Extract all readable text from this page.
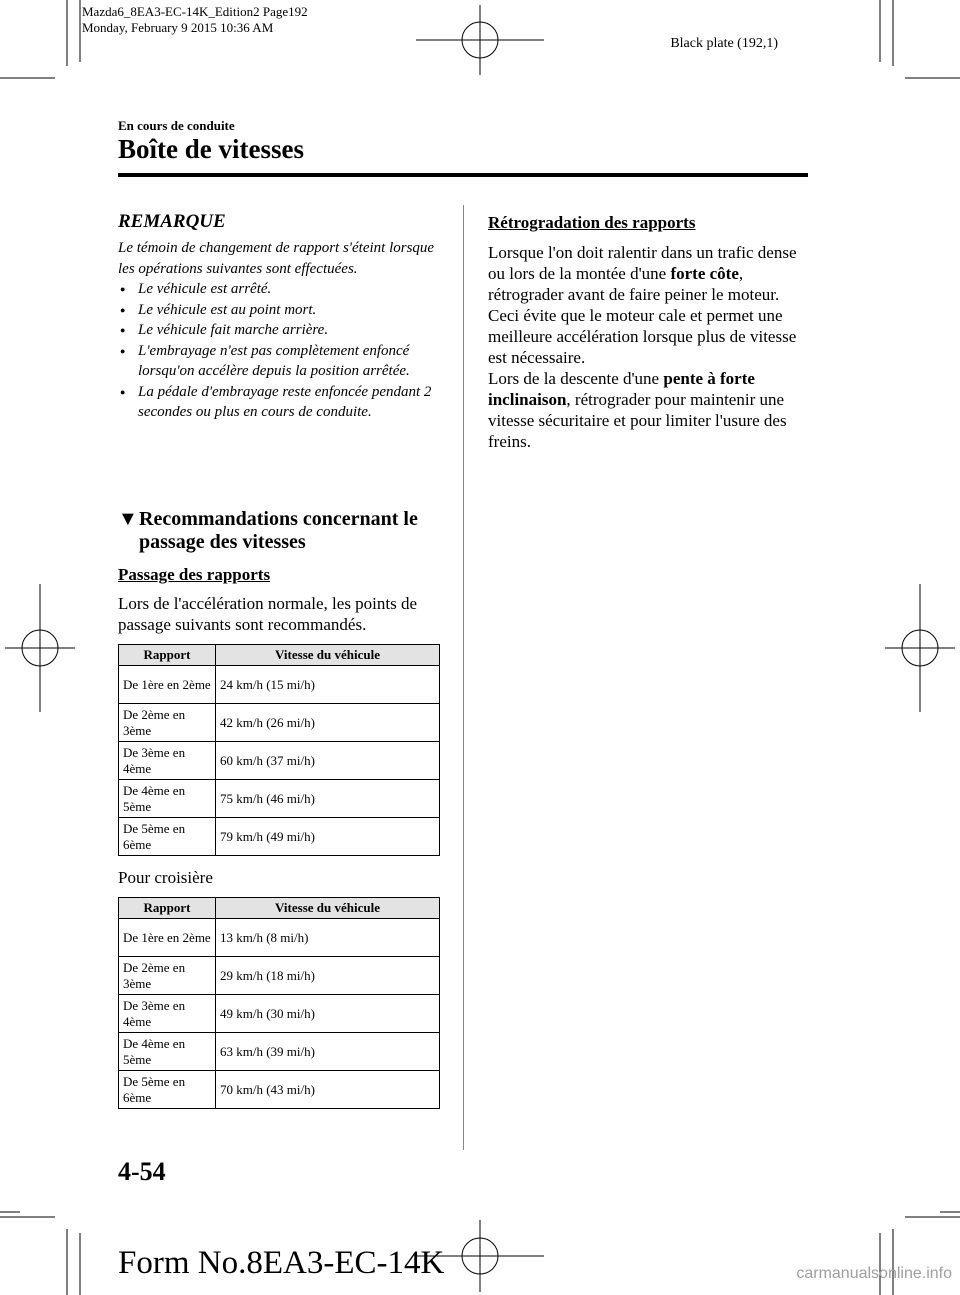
Mazda6_8EA3-EC-14K_Edition2 Page192
Monday, February 9 2015 10:36 AM
Black plate (192,1)
En cours de conduite
Boîte de vitesses
REMARQUE
Le témoin de changement de rapport s'éteint lorsque les opérations suivantes sont effectuées.
● Le véhicule est arrêté.
● Le véhicule est au point mort.
● Le véhicule fait marche arrière.
● L'embrayage n'est pas complètement enfoncé lorsqu'on accélère depuis la position arrêtée.
● La pédale d'embrayage reste enfoncée pendant 2 secondes ou plus en cours de conduite.
▼Recommandations concernant le
passage des vitesses
Passage des rapports
Lors de l'accélération normale, les points de passage suivants sont recommandés.
Rapport	Vitesse du véhicule
De 1ère en 2ème	24 km/h (15 mi/h)
De 2ème en 3ème	42 km/h (26 mi/h)
De 3ème en 4ème	60 km/h (37 mi/h)
De 4ème en 5ème	75 km/h (46 mi/h)
De 5ème en 6ème	79 km/h (49 mi/h)
Pour croisière
Rapport	Vitesse du véhicule
De 1ère en 2ème	13 km/h (8 mi/h)
De 2ème en 3ème	29 km/h (18 mi/h)
De 3ème en 4ème	49 km/h (30 mi/h)
De 4ème en 5ème	63 km/h (39 mi/h)
De 5ème en 6ème	70 km/h (43 mi/h)
Rétrogradation des rapports
Lorsque l'on doit ralentir dans un trafic dense ou lors de la montée d'une forte côte, rétrograder avant de faire peiner le moteur. Ceci évite que le moteur cale et permet une meilleure accélération lorsque plus de vitesse est nécessaire.
Lors de la descente d'une pente à forte inclinaison, rétrograder pour maintenir une vitesse sécuritaire et pour limiter l'usure des freins.
4-54
Form No.8EA3-EC-14K	carmanualsonline.info
